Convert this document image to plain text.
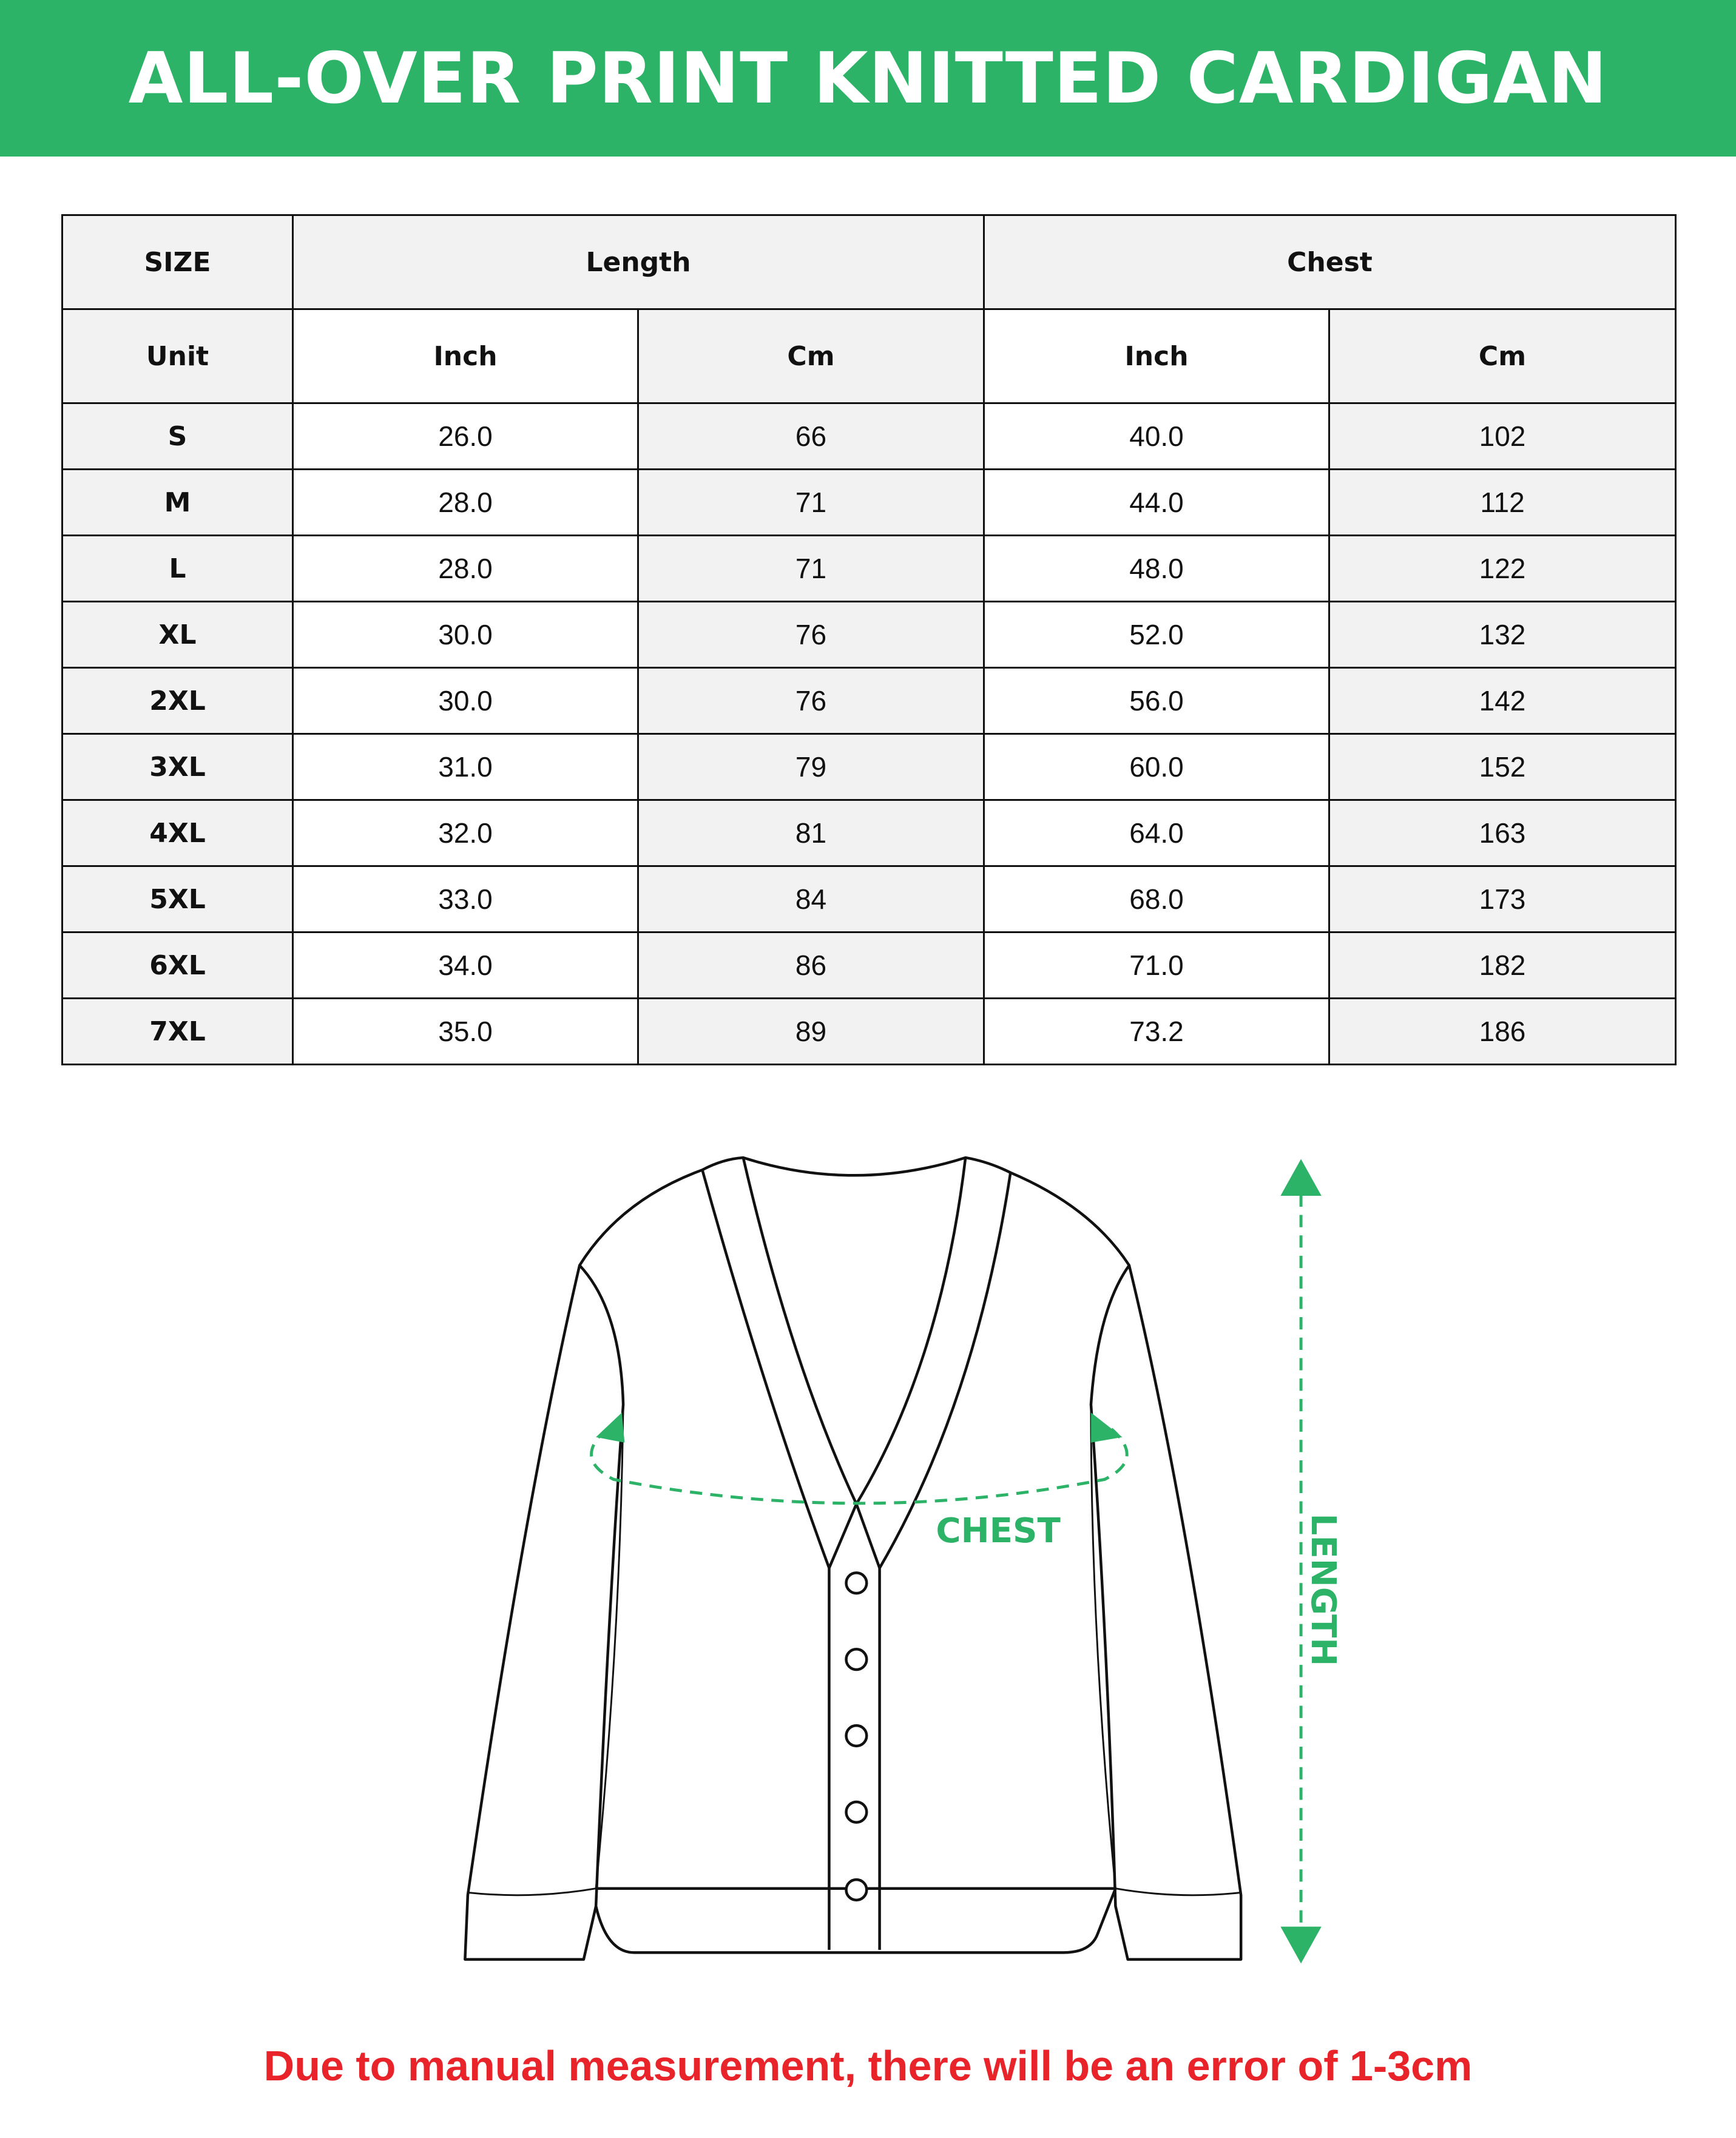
ALL-OVER PRINT KNITTED CARDIGAN
SIZE	Length		Chest	
Unit	Inch	Cm	Inch	Cm
S	26.0	66	40.0	102
M	28.0	71	44.0	112
L	28.0	71	48.0	122
XL	30.0	76	52.0	132
2XL	30.0	76	56.0	142
3XL	31.0	79	60.0	152
4XL	32.0	81	64.0	163
5XL	33.0	84	68.0	173
6XL	34.0	86	71.0	182
7XL	35.0	89	73.2	186
CHEST	LENGTH
Due to manual measurement, there will be an error of 1-3cm
